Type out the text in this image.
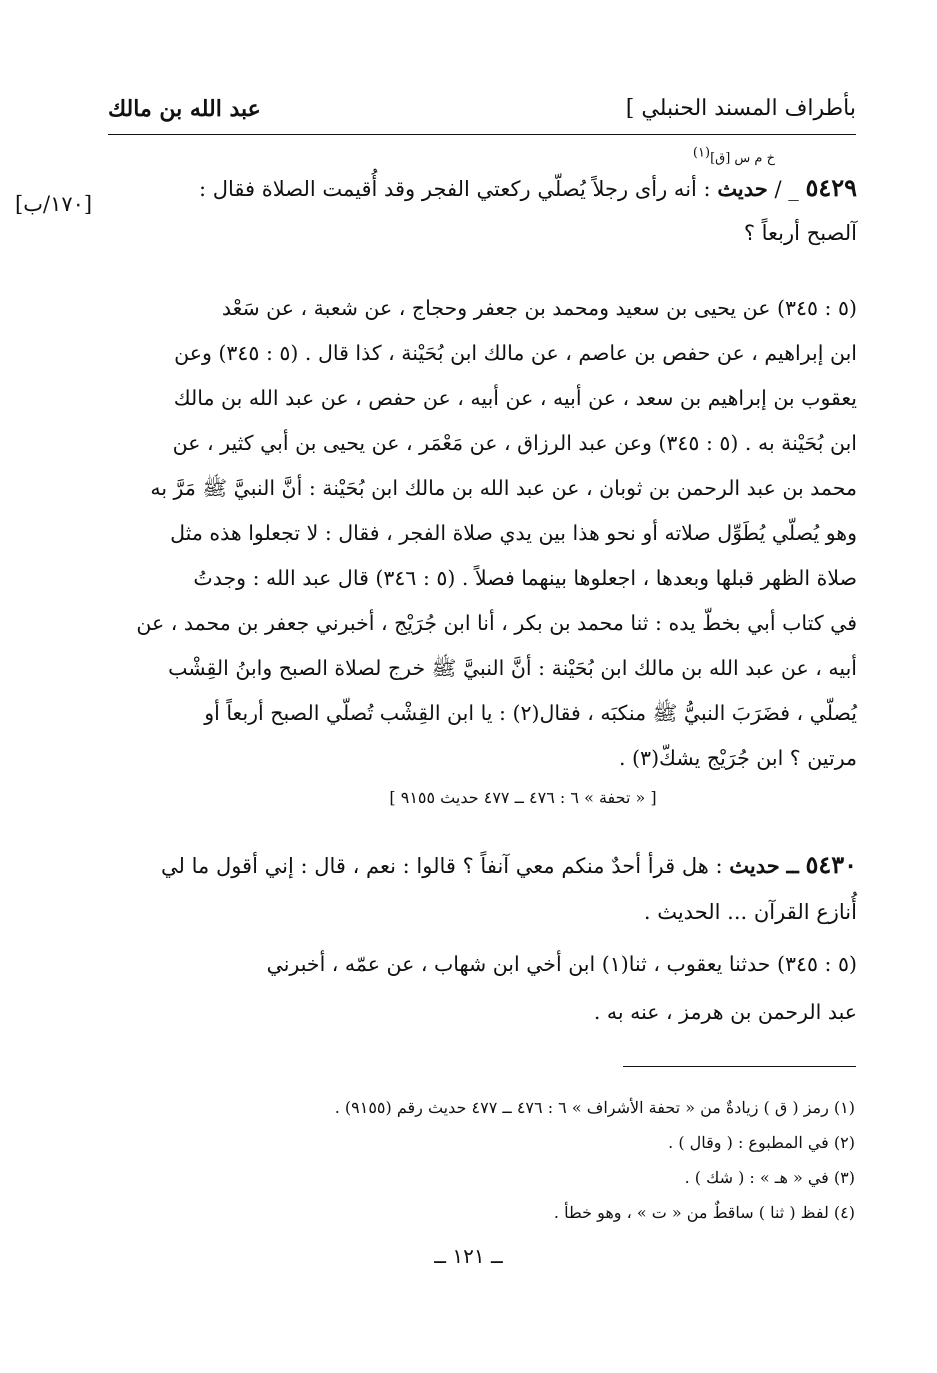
بأطراف المسند الحنبلي ]
عبد الله بن مالك
خ م س [ق](١)
٥٤٢٩ _ / حديث : أنه رأى رجلاً يُصلّي ركعتي الفجر وقد أُقيمت الصلاة فقال :
آلصبح أربعاً ؟
[١٧٠/ب]
(٥ : ٣٤٥) عن يحيى بن سعيد ومحمد بن جعفر وحجاج ، عن شعبة ، عن سَعْد
ابن إبراهيم ، عن حفص بن عاصم ، عن مالك ابن بُحَيْنة ، كذا قال . (٥ : ٣٤٥) وعن
يعقوب بن إبراهيم بن سعد ، عن أبيه ، عن أبيه ، عن حفص ، عن عبد الله بن مالك
ابن بُحَيْنة به . (٥ : ٣٤٥) وعن عبد الرزاق ، عن مَعْمَر ، عن يحيى بن أبي كثير ، عن
محمد بن عبد الرحمن بن ثوبان ، عن عبد الله بن مالك ابن بُحَيْنة : أنَّ النبيَّ ﷺ مَرَّ به
وهو يُصلّي يُطَوِّل صلاته أو نحو هذا بين يدي صلاة الفجر ، فقال : لا تجعلوا هذه مثل
صلاة الظهر قبلها وبعدها ، اجعلوها بينهما فصلاً . (٥ : ٣٤٦) قال عبد الله : وجدتُ
في كتاب أبي بخطّ يده : ثنا محمد بن بكر ، أنا ابن جُرَيْج ، أخبرني جعفر بن محمد ، عن
أبيه ، عن عبد الله بن مالك ابن بُحَيْنة : أنَّ النبيَّ ﷺ خرج لصلاة الصبح وابنُ القِشْب
يُصلّي ، فضَرَبَ النبيُّ ﷺ منكبَه ، فقال(٢) : يا ابن القِشْب تُصلّي الصبح أربعاً أو
مرتين ؟ ابن جُرَيْج يشكّ(٣) .
[ « تحفة » ٦ : ٤٧٦ ــ ٤٧٧ حديث ٩١٥٥ ]
٥٤٣٠ ــ حديث : هل قرأ أحدٌ منكم معي آنفاً ؟ قالوا : نعم ، قال : إني أقول ما لي
أُنازع القرآن ... الحديث .
(٥ : ٣٤٥) حدثنا يعقوب ، ثنا(١) ابن أخي ابن شهاب ، عن عمّه ، أخبرني
عبد الرحمن بن هرمز ، عنه به .
(١) رمز ( ق ) زيادةٌ من « تحفة الأشراف » ٦ : ٤٧٦ ــ ٤٧٧ حديث رقم (٩١٥٥) .
(٢) في المطبوع : ( وقال ) .
(٣) في « هـ » : ( شك ) .
(٤) لفظ ( ثنا ) ساقطٌ من « ت » ، وهو خطأ .
ــ ١٢١ ــ
